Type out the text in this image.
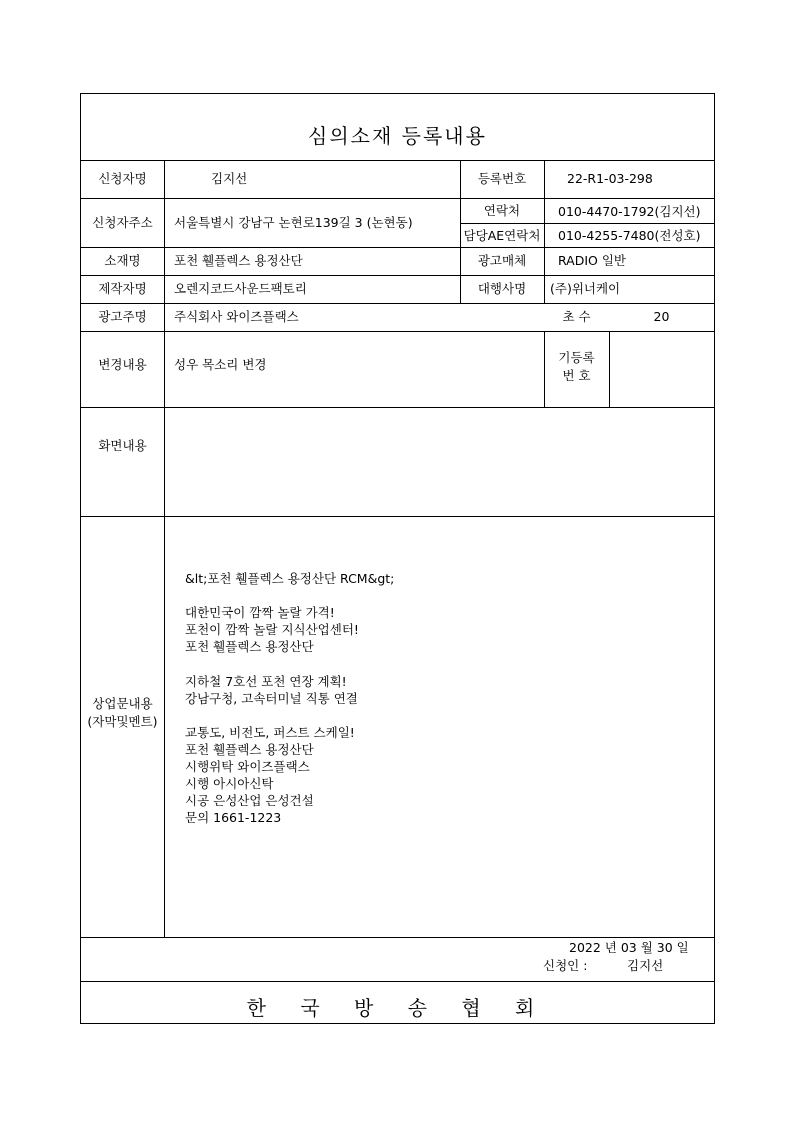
심의소재 등록내용
신청자명
신청자주소
소재명
제작자명
광고주명
변경내용
화면내용
상업문내용
(자막및멘트)
김지선
서울특별시 강남구 논현로139길 3 (논현동)
포천 휄플렉스 용정산단
오렌지코드사운드팩토리
주식회사 와이즈플랙스
성우 목소리 변경
등록번호
연락처
담당AE연락처
광고매체
대행사명
초 수
기등록
번 호
22-R1-03-298
010-4470-1792(김지선)
010-4255-7480(전성호)
RADIO 일반
(주)위너케이
20
&lt;포천 휄플렉스 용정산단 RCM&gt;

대한민국이 깜짝 놀랄 가격!
포천이 깜짝 놀랄 지식산업센터!
포천 휄플렉스 용정산단

지하철 7호선 포천 연장 계획!
강남구청, 고속터미널 직통 연결

교통도, 비전도, 퍼스트 스케일!
포천 휄플렉스 용정산단
시행위탁 와이즈플랙스
시행 아시아신탁
시공 은성산업 은성건설
문의 1661-1223
2022 년 03 월 30 일
신청인 :	김지선
한 국 방 송 협 회
